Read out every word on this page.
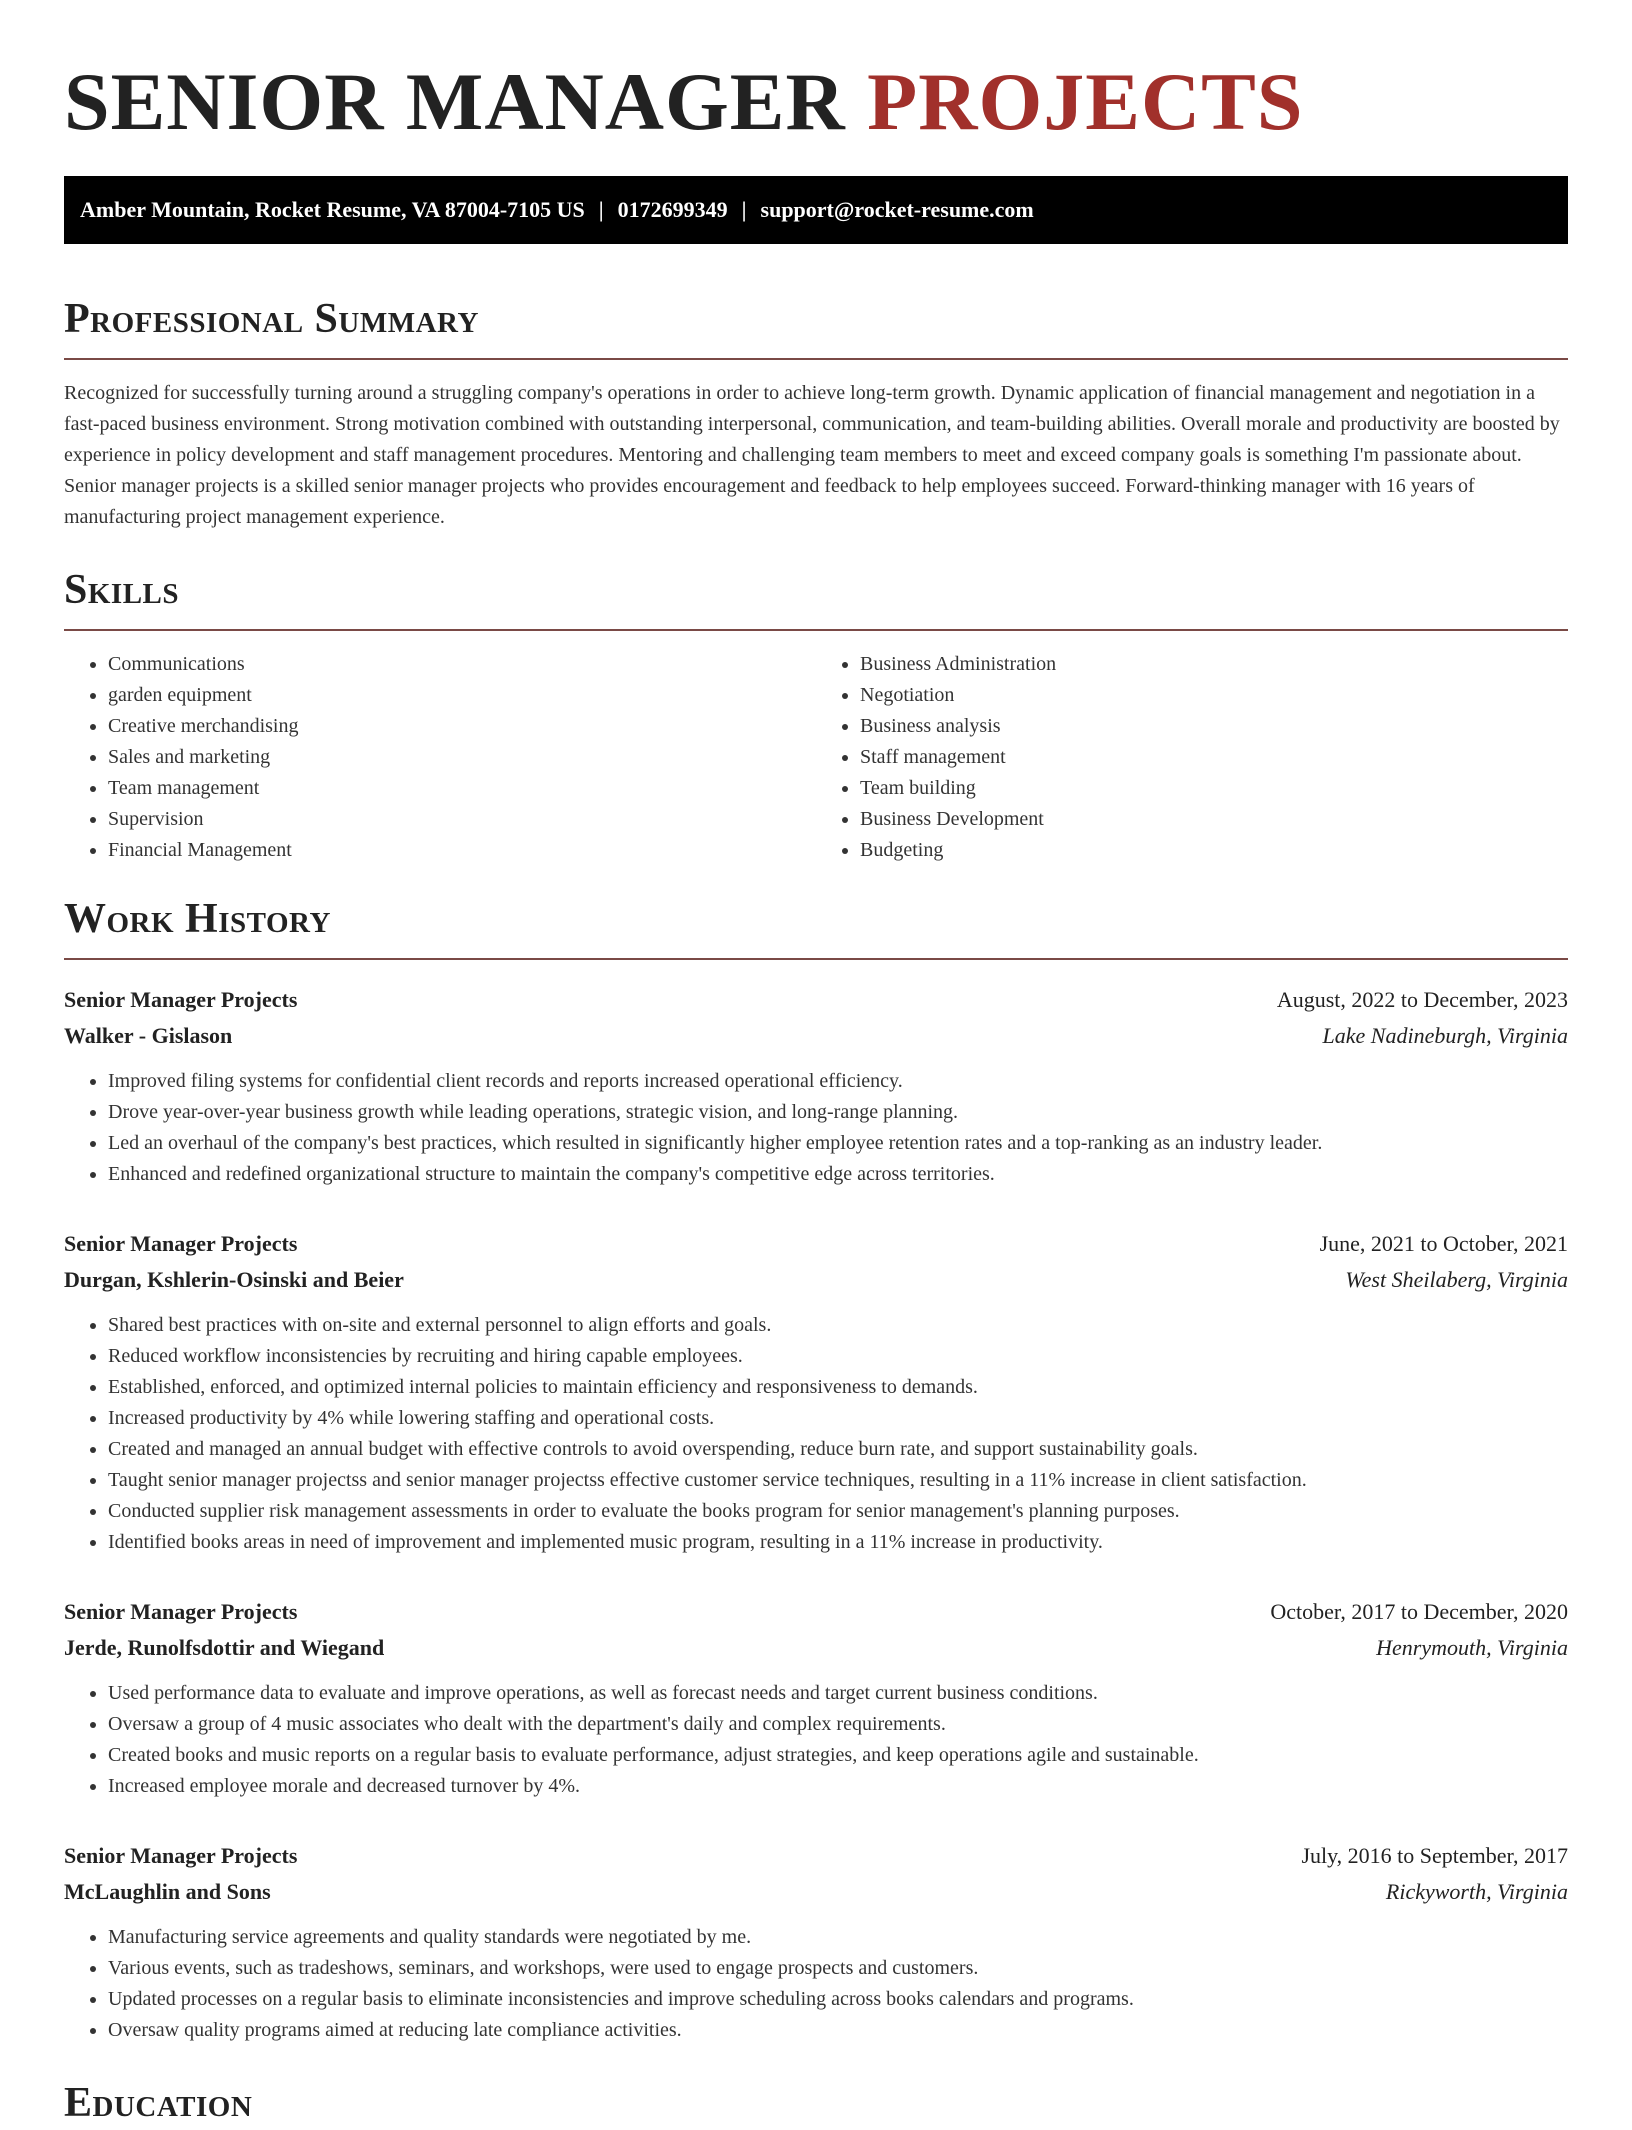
SENIOR MANAGER PROJECTS
Amber Mountain, Rocket Resume, VA 87004-7105 US | 0172699349 | support@rocket-resume.com
Professional Summary

Recognized for successfully turning around a struggling company's operations in order to achieve long-term growth. Dynamic application of financial management and negotiation in a fast-paced business environment. Strong motivation combined with outstanding interpersonal, communication, and team-building abilities. Overall morale and productivity are boosted by experience in policy development and staff management procedures. Mentoring and challenging team members to meet and exceed company goals is something I'm passionate about. Senior manager projects is a skilled senior manager projects who provides encouragement and feedback to help employees succeed. Forward-thinking manager with 16 years of manufacturing project management experience.

Skills
• Communications
• garden equipment
• Creative merchandising
• Sales and marketing
• Team management
• Supervision
• Financial Management
• Business Administration
• Negotiation
• Business analysis
• Staff management
• Team building
• Business Development
• Budgeting
Work History
Senior Manager Projects	August, 2022 to December, 2023
Walker - Gislason	Lake Nadineburgh, Virginia
• Improved filing systems for confidential client records and reports increased operational efficiency.
• Drove year-over-year business growth while leading operations, strategic vision, and long-range planning.
• Led an overhaul of the company's best practices, which resulted in significantly higher employee retention rates and a top-ranking as an industry leader.
• Enhanced and redefined organizational structure to maintain the company's competitive edge across territories.
Senior Manager Projects	June, 2021 to October, 2021
Durgan, Kshlerin-Osinski and Beier	West Sheilaberg, Virginia
• Shared best practices with on-site and external personnel to align efforts and goals.
• Reduced workflow inconsistencies by recruiting and hiring capable employees.
• Established, enforced, and optimized internal policies to maintain efficiency and responsiveness to demands.
• Increased productivity by 4% while lowering staffing and operational costs.
• Created and managed an annual budget with effective controls to avoid overspending, reduce burn rate, and support sustainability goals.
• Taught senior manager projectss and senior manager projectss effective customer service techniques, resulting in a 11% increase in client satisfaction.
• Conducted supplier risk management assessments in order to evaluate the books program for senior management's planning purposes.
• Identified books areas in need of improvement and implemented music program, resulting in a 11% increase in productivity.
Senior Manager Projects	October, 2017 to December, 2020
Jerde, Runolfsdottir and Wiegand	Henrymouth, Virginia
• Used performance data to evaluate and improve operations, as well as forecast needs and target current business conditions.
• Oversaw a group of 4 music associates who dealt with the department's daily and complex requirements.
• Created books and music reports on a regular basis to evaluate performance, adjust strategies, and keep operations agile and sustainable.
• Increased employee morale and decreased turnover by 4%.
Senior Manager Projects	July, 2016 to September, 2017
McLaughlin and Sons	Rickyworth, Virginia
• Manufacturing service agreements and quality standards were negotiated by me.
• Various events, such as tradeshows, seminars, and workshops, were used to engage prospects and customers.
• Updated processes on a regular basis to eliminate inconsistencies and improve scheduling across books calendars and programs.
• Oversaw quality programs aimed at reducing late compliance activities.
Education
